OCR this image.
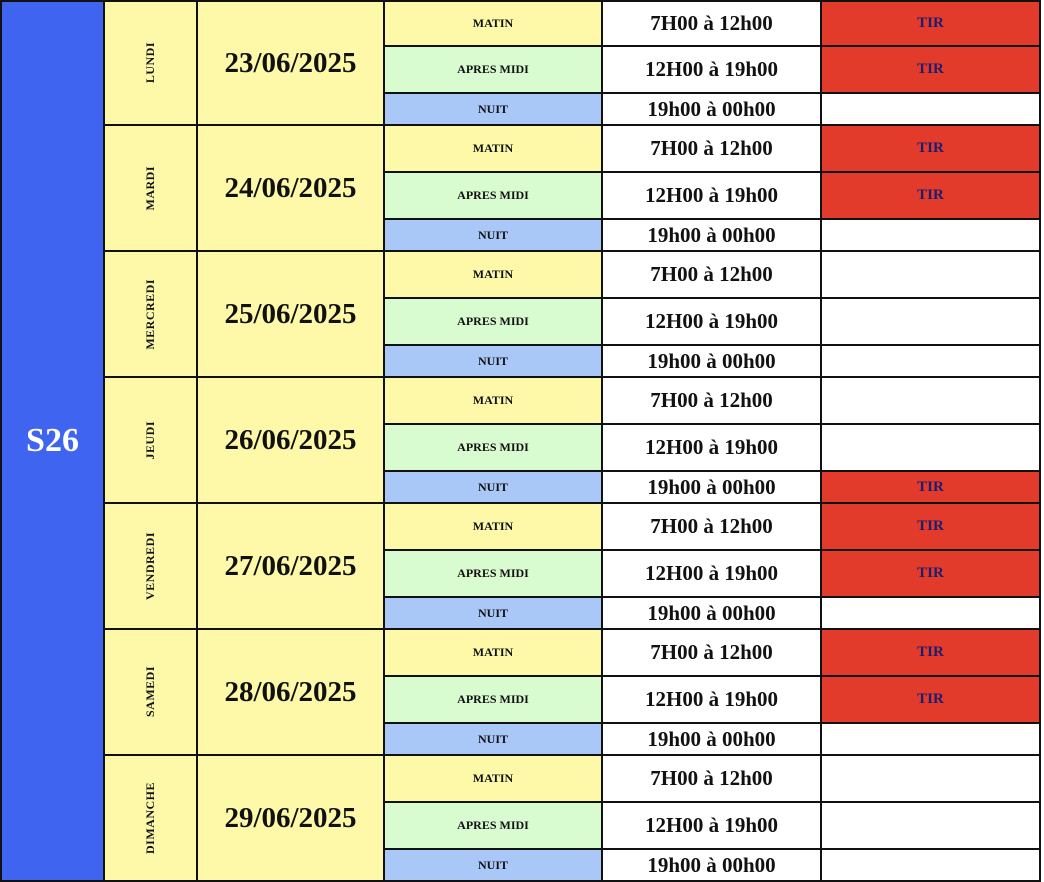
S26
LUNDI 23/06/2025
MATIN	7H00 à 12h00	TIR
APRES MIDI	12H00 à 19h00	TIR
NUIT	19h00 à 00h00
MARDI 24/06/2025
MATIN	7H00 à 12h00	TIR
APRES MIDI	12H00 à 19h00	TIR
NUIT	19h00 à 00h00
MERCREDI 25/06/2025
MATIN	7H00 à 12h00
APRES MIDI	12H00 à 19h00
NUIT	19h00 à 00h00
JEUDI 26/06/2025
MATIN	7H00 à 12h00
APRES MIDI	12H00 à 19h00
NUIT	19h00 à 00h00	TIR
VENDREDI 27/06/2025
MATIN	7H00 à 12h00	TIR
APRES MIDI	12H00 à 19h00	TIR
NUIT	19h00 à 00h00
SAMEDI 28/06/2025
MATIN	7H00 à 12h00	TIR
APRES MIDI	12H00 à 19h00	TIR
NUIT	19h00 à 00h00
DIMANCHE 29/06/2025
MATIN	7H00 à 12h00
APRES MIDI	12H00 à 19h00
NUIT	19h00 à 00h00
